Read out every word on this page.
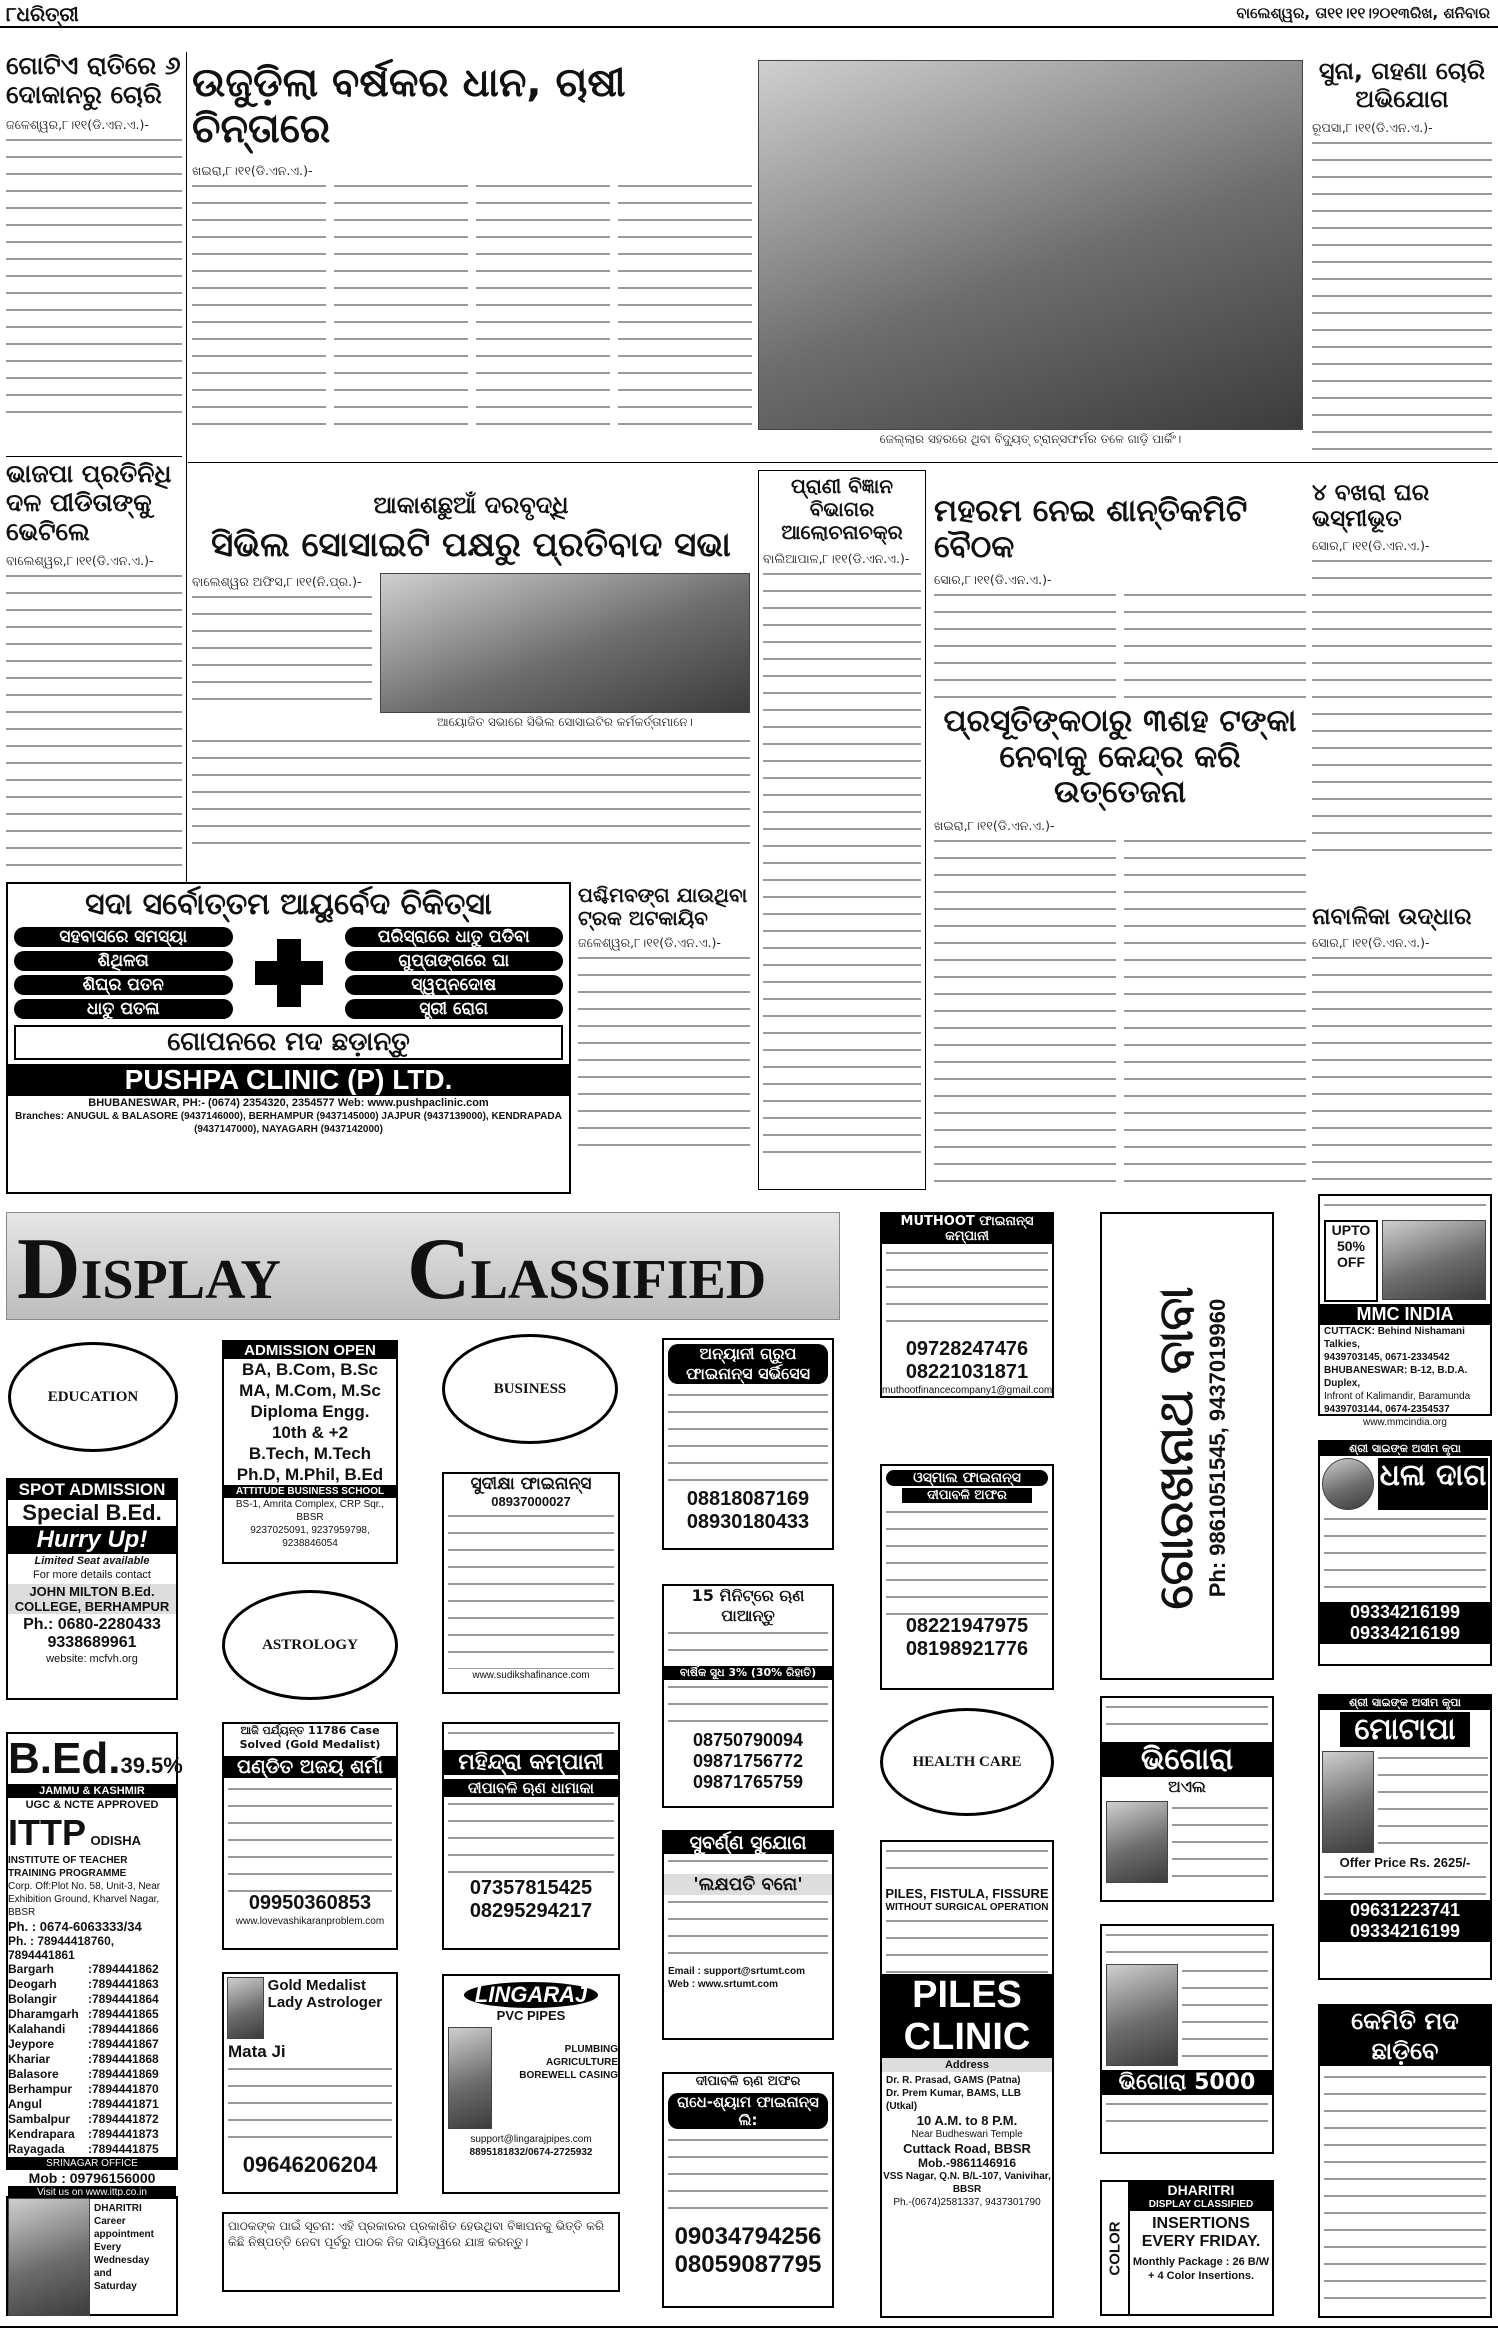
୮ଧରିତ୍ରୀ	ବାଲେଶ୍ୱର, ତା୧୧।୧୧।୨୦୧୩ରିଖ, ଶନିବାର
ଗୋଟିଏ ରାତିରେ ୬ ଦୋକାନରୁ ଚୋରି
ଜଳେଶ୍ୱର,୮।୧୧(ଡି.ଏନ.ଏ.)-
ଭାଜପା ପ୍ରତିନିଧି ଦଳ ପୀଡିତାଙ୍କୁ ଭେଟିଲେ
ବାଲେଶ୍ୱର,୮।୧୧(ଡି.ଏନ.ଏ.)-
ଉଜୁଡ଼ିଲା ବର୍ଷକର ଧାନ, ଚାଷୀ ଚିନ୍ତାରେ
ଖଇରା,୮।୧୧(ଡି.ଏନ.ଏ.)-
ଜେଲ୍ଲାର ସହରରେ ଥିବା ବିଦ୍ୟୁତ୍ ଟ୍ରାନ୍ସଫର୍ମର ତଳେ ଗାଡ଼ି ପାର୍କିଂ।
ସୁନା, ଗହଣା ଚୋରି ଅଭିଯୋଗ
ରୂପସା,୮।୧୧(ଡି.ଏନ.ଏ.)-
ଆକାଶଛୁଆଁ ଦରବୃଦ୍ଧି
ସିଭିଲ ସୋସାଇଟି ପକ୍ଷରୁ ପ୍ରତିବାଦ ସଭା
ବାଲେଶ୍ୱର ଅଫିସ,୮।୧୧(ନି.ପ୍ର.)-
ଆୟୋଜିତ ସଭାରେ ସିଭିଲ ସୋସାଇଟିର କର୍ମକର୍ତ୍ତାମାନେ।
ପଶ୍ଚିମବଙ୍ଗ ଯାଉଥିବା ଟ୍ରକ ଅଟକାୟିବ
ଜଳେଶ୍ୱର,୮।୧୧(ଡି.ଏନ.ଏ.)-
ପ୍ରାଣୀ ବିଜ୍ଞାନ ବିଭାଗର ଆଲୋଚନାଚକ୍ର
ବାଲିଆପାଳ,୮।୧୧(ଡି.ଏନ.ଏ.)-
ମହରମ ନେଇ ଶାନ୍ତିକମିଟି ବୈଠକ
ସୋର,୮।୧୧(ଡି.ଏନ.ଏ.)-
ପ୍ରସୂତିଙ୍କଠାରୁ ୩ଶହ ଟଙ୍କା ନେବାକୁ କେନ୍ଦ୍ର କରି ଉତ୍ତେଜନା
ଖଇରା,୮।୧୧(ଡି.ଏନ.ଏ.)-
୪ ବଖରା ଘର ଭସ୍ମୀଭୂତ
ସୋର,୮।୧୧(ଡି.ଏନ.ଏ.)-
ନାବାଳିକା ଉଦ୍ଧାର
ସୋର,୮।୧୧(ଡି.ଏନ.ଏ.)-
ସଦା ସର୍ବୋତ୍ତମ ଆୟୁର୍ବେଦ ଚିକିତ୍ସା
ସହବାସରେ ସମସ୍ୟା
ଶିଥିଳତା
ଶିଘ୍ର ପତନ
ଧାତୁ ପତଳା
ପରିସ୍ରାରେ ଧାତୁ ପଡିବା
ଗୁପ୍ତାଙ୍ଗରେ ଘା
ସ୍ୱପ୍ନଦୋଷ
ସ୍ତ୍ରୀ ରୋଗ
ଗୋପନରେ ମଦ ଛଡ଼ାନ୍ତୁ
PUSHPA CLINIC (P) LTD.
BHUBANESWAR, PH:- (0674) 2354320, 2354577 Web: www.pushpaclinic.com
Branches: ANUGUL & BALASORE (9437146000), BERHAMPUR (9437145000) JAJPUR (9437139000), KENDRAPADA (9437147000), NAYAGARH (9437142000)
DISPLAY CLASSIFIED
EDUCATION
SPOT ADMISSION
Special B.Ed.
Hurry Up!
Limited Seat available
For more details contact
JOHN MILTON B.Ed. COLLEGE, BERHAMPUR
Ph.: 0680-2280433
9338689961
website: mcfvh.org
B.Ed.39.5%
JAMMU & KASHMIR
UGC & NCTE APPROVED
ITTP ODISHA
INSTITUTE OF TEACHER TRAINING PROGRAMME
Corp. Off:Plot No. 58, Unit-3, Near Exhibition Ground, Kharvel Nagar, BBSR
Ph. : 0674-6063333/34
Ph. : 78944418760, 7894441861
Bargarh	:7894441862
Deogarh	:7894441863
Bolangir	:7894441864
Dharamgarh :7894441865
Kalahandi	:7894441866
Jeypore	:7894441867
Khariar	:7894441868
Balasore	:7894441869
Berhampur	:7894441870
Angul	:7894441871
Sambalpur	:7894441872
Kendrapara	:7894441873
Rayagada	:7894441875
SRINAGAR OFFICE
Mob : 09796156000
Visit us on www.ittp.co.in
DHARITRI
Career
appointment
Every
Wednesday
and
Saturday
ADMISSION OPEN
BA, B.Com, B.Sc
MA, M.Com, M.Sc
Diploma Engg.
10th & +2
B.Tech, M.Tech
Ph.D, M.Phil, B.Ed
ATTITUDE BUSINESS SCHOOL
BS-1, Amrita Complex, CRP Sqr., BBSR
9237025091, 9237959798, 9238846054
ASTROLOGY
ଆଜି ପର୍ଯ୍ୟନ୍ତ 11786 Case Solved (Gold Medalist)
ପଣ୍ଡିତ ଅଜୟ ଶର୍ମା
09950360853
www.lovevashikaranproblem.com
Gold Medalist Lady Astrologer
Mata Ji
09646206204
BUSINESS
ସୁଦୀକ୍ଷା ଫାଇନାନ୍ସ
08937000027
www.sudikshafinance.com
ମହିନ୍ଦ୍ରା କମ୍ପାନୀ
ଦୀପାବଳି ଋଣ ଧାମାକା
07357815425
08295294217
LINGARAJ
PVC PIPES
PLUMBING AGRICULTURE BOREWELL CASING
support@lingarajpipes.com
8895181832/0674-2725932
ପାଠକଙ୍କ ପାଇଁ ସୂଚନା: ଏହି ପ୍ରକାରର ପ୍ରକାଶିତ ହେଉଥିବା ବିଜ୍ଞାପନକୁ ଭିତ୍ତି କରି କିଛି ନିଷ୍ପତ୍ତି ନେବା ପୂର୍ବରୁ ପାଠକ ନିଜ ଦାୟିତ୍ୱରେ ଯାଞ୍ଚ କରନ୍ତୁ।
ଅନ୍ୟାନୀ ଗ୍ରୁପ ଫାଇନାନ୍ସ ସର୍ଭିସେସ
08818087169
08930180433
15 ମିନିଟ୍‌ରେ ଋଣ ପାଆନ୍ତୁ
ବାର୍ଷିକ ସୁଧ 3% (30% ରିହାତି)
08750790094
09871756772
09871765759
ସୁବର୍ଣ୍ଣ ସୁଯୋଗ
'ଲକ୍ଷପତି ବନୋ'
Email : support@srtumt.com
Web : www.srtumt.com
ଦୀପାବଳି ଋଣ ଅଫର
ରାଧେ-ଶ୍ୟାମ ଫାଇନାନ୍ସ ଲି:
09034794256
08059087795
MUTHOOT ଫାଇନାନ୍ସ କମ୍ପାନୀ
09728247476
08221031871
muthootfinancecompany1@gmail.com
ଓସ୍‌ମାଲ ଫାଇନାନ୍ସ
ଦୀପାବଳି ଅଫର
08221947975
08198921776
HEALTH CARE
PILES, FISTULA, FISSURE
WITHOUT SURGICAL OPERATION
PILES
CLINIC
Address
Dr. R. Prasad, GAMS (Patna)
Dr. Prem Kumar, BAMS, LLB (Utkal)
10 A.M. to 8 P.M.
Near Budheswari Temple
Cuttack Road, BBSR
Mob.-9861146916
VSS Nagar, Q.N. B/L-107, Vanivihar, BBSR
Ph.-(0674)2581337, 9437301790
ଗୋରଖନାଥ ବାବା Ph: 9861051545, 9437019960
ଭିଗୋରା
ଅଏଲ
ଭିଗୋରା 5000
COLOR
DHARITRI
DISPLAY CLASSIFIED
INSERTIONS EVERY FRIDAY.
Monthly Package : 26 B/W + 4 Color Insertions.
UPTO 50% OFF
MMC INDIA
CUTTACK: Behind Nishamani Talkies,
9439703145, 0671-2334542
BHUBANESWAR: B-12, B.D.A. Duplex,
Infront of Kalimandir, Baramunda
9439703144, 0674-2354537
www.mmcindia.org
ଶ୍ରୀ ସାଇଙ୍କ ଅସୀମ କୃପା
ଧଳା ଦାଗ
09334216199
09334216199
ଶ୍ରୀ ସାଇଙ୍କ ଅସୀମ କୃପା
ମୋଟାପା
Offer Price Rs. 2625/-
09631223741
09334216199
କେମିତି ମଦ ଛାଡ଼ିବେ
